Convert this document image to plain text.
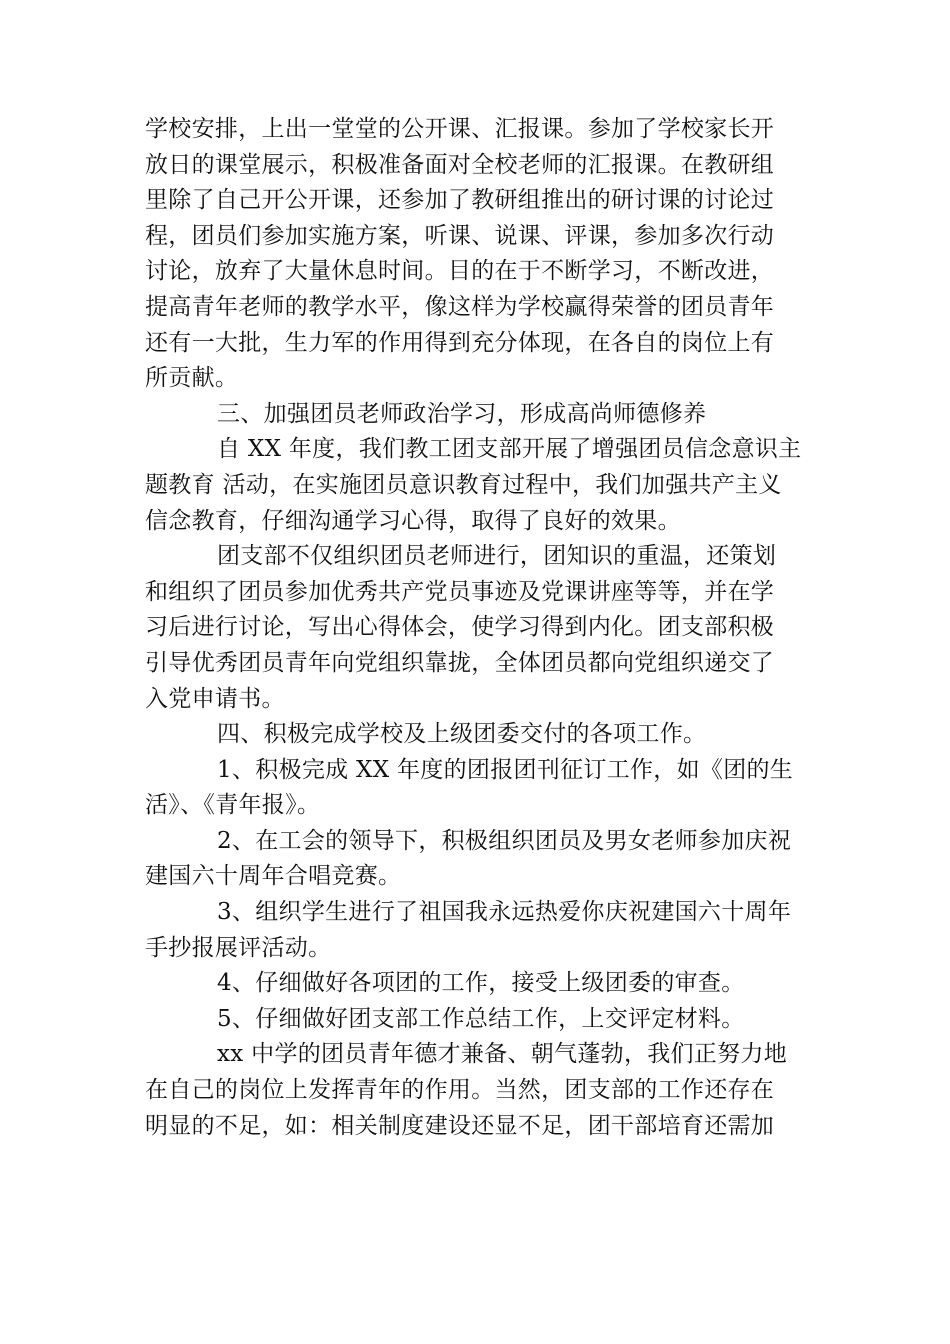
学校安排，上出一堂堂的公开课、汇报课。参加了学校家长开

放日的课堂展示，积极准备面对全校老师的汇报课。在教研组

里除了自己开公开课，还参加了教研组推出的研讨课的讨论过

程，团员们参加实施方案，听课、说课、评课，参加多次行动

讨论，放弃了大量休息时间。目的在于不断学习，不断改进，

提高青年老师的教学水平，像这样为学校赢得荣誉的团员青年

还有一大批，生力军的作用得到充分体现，在各自的岗位上有

所贡献。

三、加强团员老师政治学习，形成高尚师德修养

自 XX 年度，我们教工团支部开展了增强团员信念意识主

题教育 活动，在实施团员意识教育过程中，我们加强共产主义

信念教育，仔细沟通学习心得，取得了良好的效果。

团支部不仅组织团员老师进行，团知识的重温，还策划

和组织了团员参加优秀共产党员事迹及党课讲座等等，并在学

习后进行讨论，写出心得体会，使学习得到内化。团支部积极

引导优秀团员青年向党组织靠拢，全体团员都向党组织递交了

入党申请书。

四、积极完成学校及上级团委交付的各项工作。

1、积极完成 XX 年度的团报团刊征订工作，如《团的生

活》、《青年报》。

2、在工会的领导下，积极组织团员及男女老师参加庆祝

建国六十周年合唱竞赛。

3、组织学生进行了祖国我永远热爱你庆祝建国六十周年

手抄报展评活动。

4、仔细做好各项团的工作，接受上级团委的审查。

5、仔细做好团支部工作总结工作，上交评定材料。

xx 中学的团员青年德才兼备、朝气蓬勃，我们正努力地

在自己的岗位上发挥青年的作用。当然，团支部的工作还存在

明显的不足，如：相关制度建设还显不足，团干部培育还需加
